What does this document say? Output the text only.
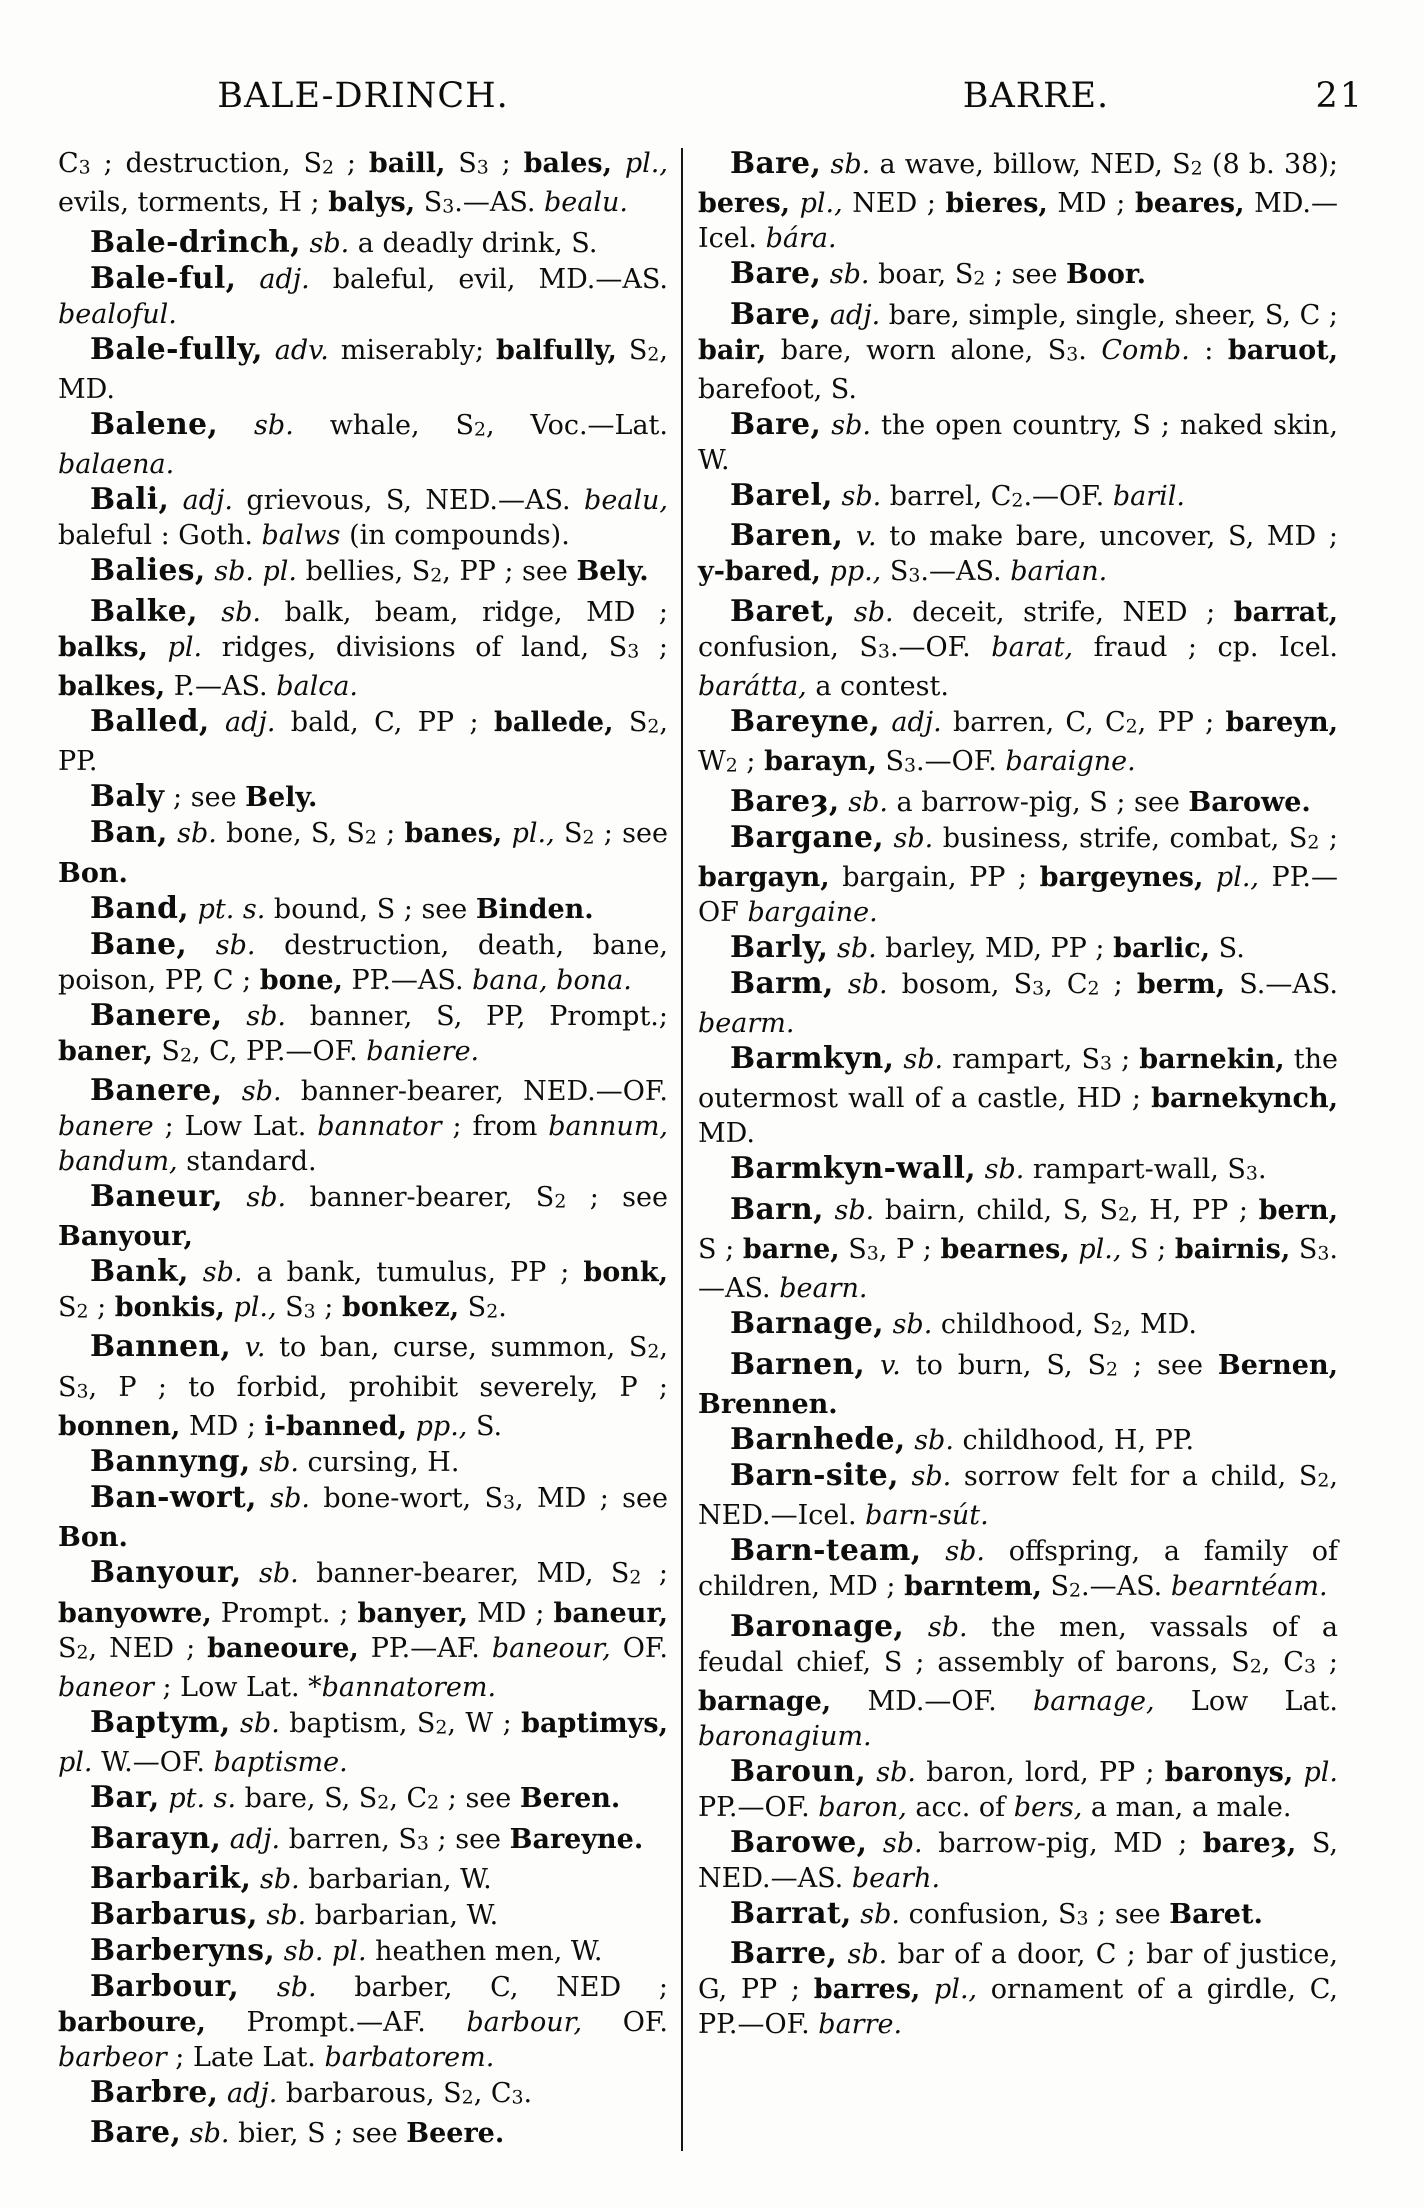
BALE-DRINCH.	BARRE.	21

C3 ; destruction, S2 ; baill, S3 ; bales, pl., evils, torments, H ; balys, S3.—AS. bealu.

Bale-drinch, sb. a deadly drink, S.

Bale-ful, adj. baleful, evil, MD.—AS. bealoful.

Bale-fully, adv. miserably; balfully, S2, MD.

Balene, sb. whale, S2, Voc.—Lat. balaena.

Bali, adj. grievous, S, NED.—AS. bealu, baleful : Goth. balws (in compounds).

Balies, sb. pl. bellies, S2, PP ; see Bely.

Balke, sb. balk, beam, ridge, MD ; balks, pl. ridges, divisions of land, S3 ; balkes, P.—AS. balca.

Balled, adj. bald, C, PP ; ballede, S2, PP.

Baly ; see Bely.

Ban, sb. bone, S, S2 ; banes, pl., S2 ; see Bon.

Band, pt. s. bound, S ; see Binden.

Bane, sb. destruction, death, bane, poison, PP, C ; bone, PP.—AS. bana, bona.

Banere, sb. banner, S, PP, Prompt.; baner, S2, C, PP.—OF. baniere.

Banere, sb. banner-bearer, NED.—OF. banere ; Low Lat. bannator ; from bannum, bandum, standard.

Baneur, sb. banner-bearer, S2 ; see Banyour,

Bank, sb. a bank, tumulus, PP ; bonk, S2 ; bonkis, pl., S3 ; bonkez, S2.

Bannen, v. to ban, curse, summon, S2, S3, P ; to forbid, prohibit severely, P ; bonnen, MD ; i-banned, pp., S.

Bannyng, sb. cursing, H.

Ban-wort, sb. bone-wort, S3, MD ; see Bon.

Banyour, sb. banner-bearer, MD, S2 ; banyowre, Prompt. ; banyer, MD ; baneur, S2, NED ; baneoure, PP.—AF. baneour, OF. baneor ; Low Lat. *bannatorem.

Baptym, sb. baptism, S2, W ; baptimys, pl. W.—OF. baptisme.

Bar, pt. s. bare, S, S2, C2 ; see Beren.

Barayn, adj. barren, S3 ; see Bareyne.

Barbarik, sb. barbarian, W.

Barbarus, sb. barbarian, W.

Barberyns, sb. pl. heathen men, W.

Barbour, sb. barber, C, NED ; barboure, Prompt.—AF. barbour, OF. barbeor ; Late Lat. barbatorem.

Barbre, adj. barbarous, S2, C3.

Bare, sb. bier, S ; see Beere.

Bare, sb. a wave, billow, NED, S2 (8 b. 38); beres, pl., NED ; bieres, MD ; beares, MD.—Icel. bára.

Bare, sb. boar, S2 ; see Boor.

Bare, adj. bare, simple, single, sheer, S, C ; bair, bare, worn alone, S3. Comb. : baruot, barefoot, S.

Bare, sb. the open country, S ; naked skin, W.

Barel, sb. barrel, C2.—OF. baril.

Baren, v. to make bare, uncover, S, MD ; y-bared, pp., S3.—AS. barian.

Baret, sb. deceit, strife, NED ; barrat, confusion, S3.—OF. barat, fraud ; cp. Icel. barátta, a contest.

Bareyne, adj. barren, C, C2, PP ; bareyn, W2 ; barayn, S3.—OF. baraigne.

Bareȝ, sb. a barrow-pig, S ; see Barowe.

Bargane, sb. business, strife, combat, S2 ; bargayn, bargain, PP ; bargeynes, pl., PP.—OF bargaine.

Barly, sb. barley, MD, PP ; barlic, S.

Barm, sb. bosom, S3, C2 ; berm, S.—AS. bearm.

Barmkyn, sb. rampart, S3 ; barnekin, the outermost wall of a castle, HD ; barnekynch, MD.

Barmkyn-wall, sb. rampart-wall, S3.

Barn, sb. bairn, child, S, S2, H, PP ; bern, S ; barne, S3, P ; bearnes, pl., S ; bairnis, S3.—AS. bearn.

Barnage, sb. childhood, S2, MD.

Barnen, v. to burn, S, S2 ; see Bernen, Brennen.

Barnhede, sb. childhood, H, PP.

Barn-site, sb. sorrow felt for a child, S2, NED.—Icel. barn-sút.

Barn-team, sb. offspring, a family of children, MD ; barntem, S2.—AS. bearntéam.

Baronage, sb. the men, vassals of a feudal chief, S ; assembly of barons, S2, C3 ; barnage, MD.—OF. barnage, Low Lat. baronagium.

Baroun, sb. baron, lord, PP ; baronys, pl. PP.—OF. baron, acc. of bers, a man, a male.

Barowe, sb. barrow-pig, MD ; bareȝ, S, NED.—AS. bearh.

Barrat, sb. confusion, S3 ; see Baret.

Barre, sb. bar of a door, C ; bar of justice, G, PP ; barres, pl., ornament of a girdle, C, PP.—OF. barre.
